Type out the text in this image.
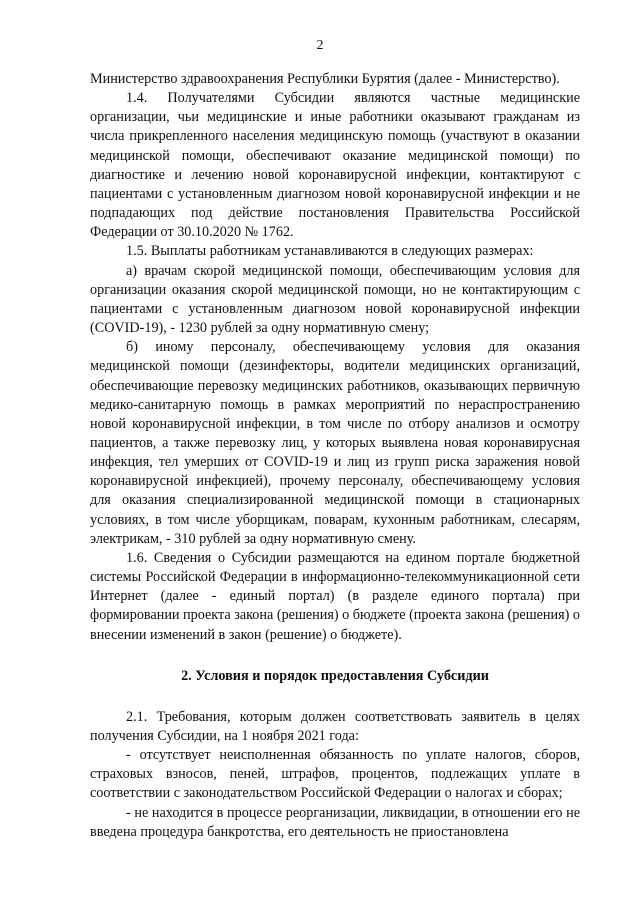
2

Министерство здравоохранения Республики Бурятия (далее - Министерство).

1.4. Получателями Субсидии являются частные медицинские организации, чьи медицинские и иные работники оказывают гражданам из числа прикрепленного населения медицинскую помощь (участвуют в оказании медицинской помощи, обеспечивают оказание медицинской помощи) по диагностике и лечению новой коронавирусной инфекции, контактируют с пациентами с установленным диагнозом новой коронавирусной инфекции и не подпадающих под действие постановления Правительства Российской Федерации от 30.10.2020 № 1762.

1.5. Выплаты работникам устанавливаются в следующих размерах:

а) врачам скорой медицинской помощи, обеспечивающим условия для организации оказания скорой медицинской помощи, но не контактирующим с пациентами с установленным диагнозом новой коронавирусной инфекции (COVID-19), - 1230 рублей за одну нормативную смену;

б) иному персоналу, обеспечивающему условия для оказания медицинской помощи (дезинфекторы, водители медицинских организаций, обеспечивающие перевозку медицинских работников, оказывающих первичную медико-санитарную помощь в рамках мероприятий по нераспространению новой коронавирусной инфекции, в том числе по отбору анализов и осмотру пациентов, а также перевозку лиц, у которых выявлена новая коронавирусная инфекция, тел умерших от COVID-19 и лиц из групп риска заражения новой коронавирусной инфекцией), прочему персоналу, обеспечивающему условия для оказания специализированной медицинской помощи в стационарных условиях, в том числе уборщикам, поварам, кухонным работникам, слесарям, электрикам, - 310 рублей за одну нормативную смену.

1.6. Сведения о Субсидии размещаются на едином портале бюджетной системы Российской Федерации в информационно-телекоммуникационной сети Интернет (далее - единый портал) (в разделе единого портала) при формировании проекта закона (решения) о бюджете (проекта закона (решения) о внесении изменений в закон (решение) о бюджете).

2. Условия и порядок предоставления Субсидии

2.1. Требования, которым должен соответствовать заявитель в целях получения Субсидии, на 1 ноября 2021 года:

- отсутствует неисполненная обязанность по уплате налогов, сборов, страховых взносов, пеней, штрафов, процентов, подлежащих уплате в соответствии с законодательством Российской Федерации о налогах и сборах;

- не находится в процессе реорганизации, ликвидации, в отношении его не введена процедура банкротства, его деятельность не приостановлена
